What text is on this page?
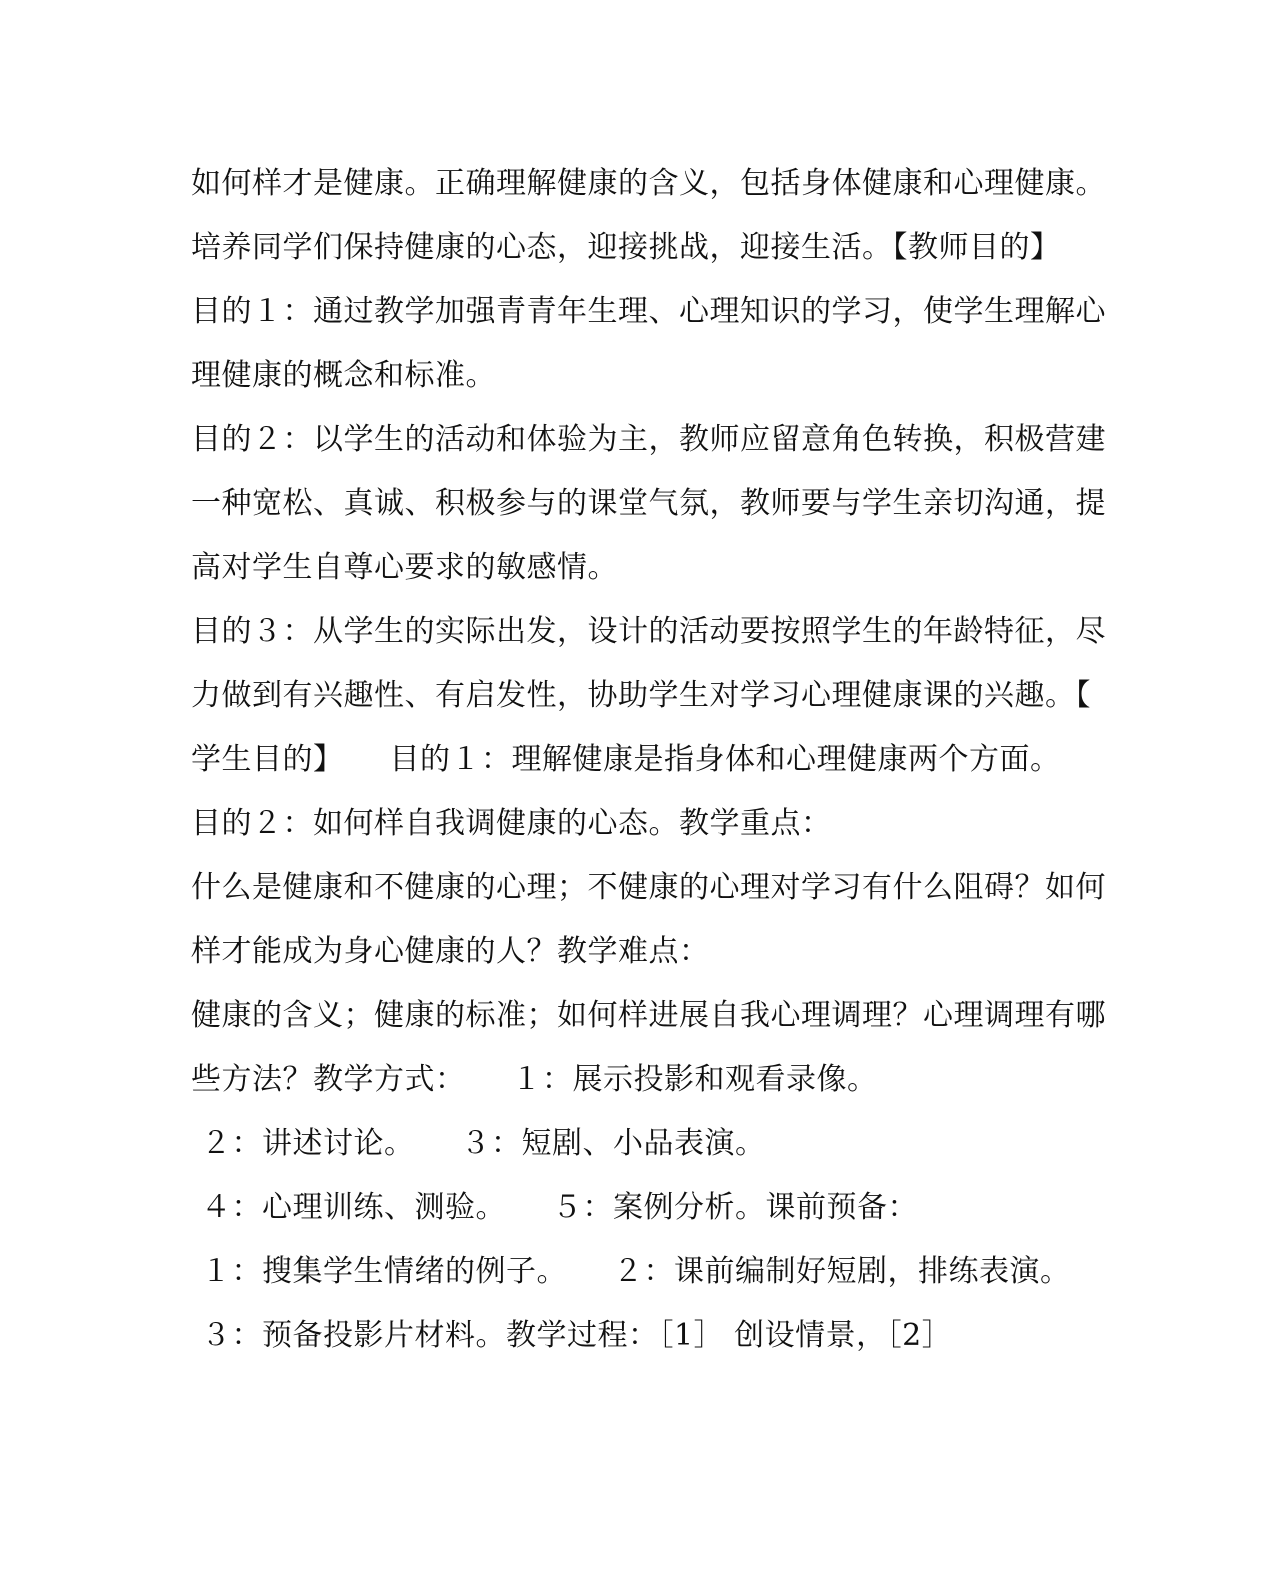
如何样才是健康。正确理解健康的含义，包括身体健康和心理健康。
培养同学们保持健康的心态，迎接挑战，迎接生活。【教师目的】
目的１：通过教学加强青青年生理、心理知识的学习，使学生理解心
理健康的概念和标准。
目的２：以学生的活动和体验为主，教师应留意角色转换，积极营建
一种宽松、真诚、积极参与的课堂气氛，教师要与学生亲切沟通，提
高对学生自尊心要求的敏感情。
目的３：从学生的实际出发，设计的活动要按照学生的年龄特征，尽
力做到有兴趣性、有启发性，协助学生对学习心理健康课的兴趣。【
学生目的】　　目的１：理解健康是指身体和心理健康两个方面。
目的２：如何样自我调健康的心态。教学重点：
什么是健康和不健康的心理；不健康的心理对学习有什么阻碍？如何
样才能成为身心健康的人？教学难点：
健康的含义；健康的标准；如何样进展自我心理调理？心理调理有哪
些方法？教学方式：　　１：展示投影和观看录像。
２：讲述讨论。　　３：短剧、小品表演。
４：心理训练、测验。　　５：案例分析。课前预备：
１：搜集学生情绪的例子。　　２：课前编制好短剧，排练表演。
３：预备投影片材料。教学过程：［1］ 创设情景，［2］
